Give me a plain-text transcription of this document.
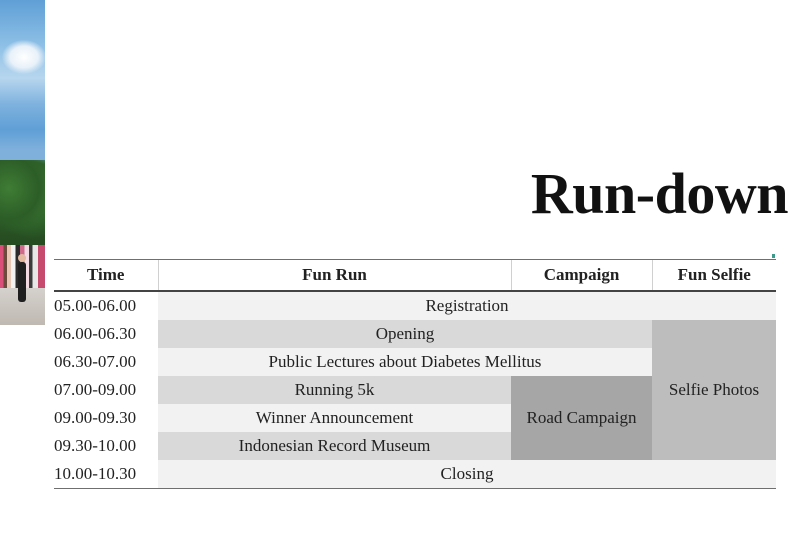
Run-down
Time	Fun Run	Campaign	Fun Selfie
05.00-06.00	Registration		
06.00-06.30	Opening		Selfie Photos
06.30-07.00	Public Lectures about Diabetes Mellitus		
07.00-09.00	Running 5k	Road Campaign	
09.00-09.30	Winner Announcement		
09.30-10.00	Indonesian Record Museum		
10.00-10.30	Closing		
